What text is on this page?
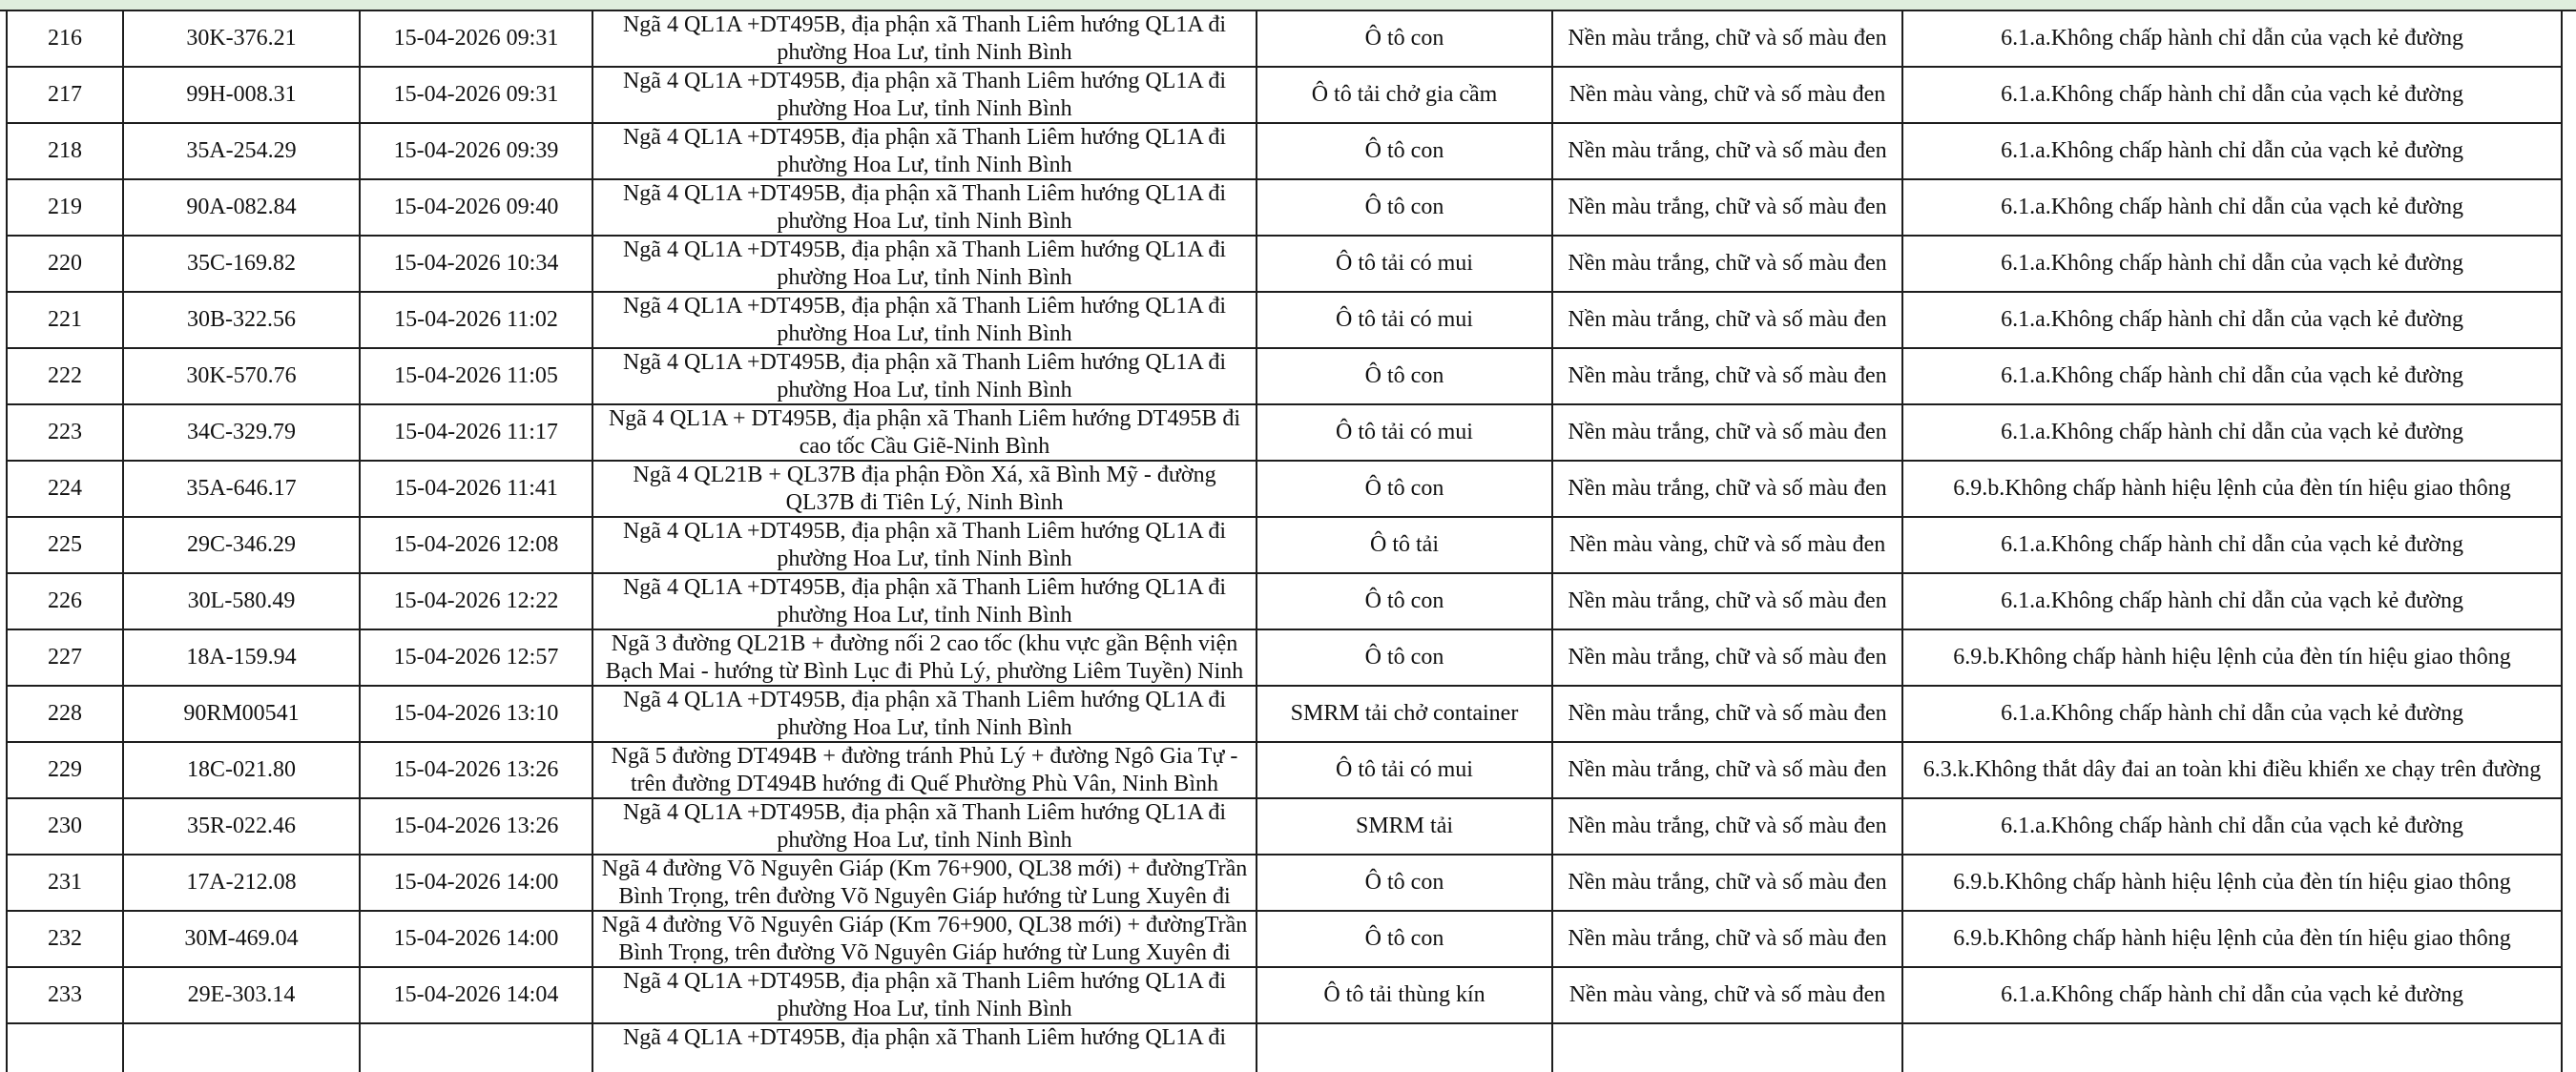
216	30K-376.21	15-04-2026 09:31	Ngã 4 QL1A +DT495B, địa phận xã Thanh Liêm hướng QL1A đi phường Hoa Lư, tỉnh Ninh Bình	Ô tô con	Nền màu trắng, chữ và số màu đen	6.1.a.Không chấp hành chỉ dẫn của vạch kẻ đường
217	99H-008.31	15-04-2026 09:31	Ngã 4 QL1A +DT495B, địa phận xã Thanh Liêm hướng QL1A đi phường Hoa Lư, tỉnh Ninh Bình	Ô tô tải chở gia cầm	Nền màu vàng, chữ và số màu đen	6.1.a.Không chấp hành chỉ dẫn của vạch kẻ đường
218	35A-254.29	15-04-2026 09:39	Ngã 4 QL1A +DT495B, địa phận xã Thanh Liêm hướng QL1A đi phường Hoa Lư, tỉnh Ninh Bình	Ô tô con	Nền màu trắng, chữ và số màu đen	6.1.a.Không chấp hành chỉ dẫn của vạch kẻ đường
219	90A-082.84	15-04-2026 09:40	Ngã 4 QL1A +DT495B, địa phận xã Thanh Liêm hướng QL1A đi phường Hoa Lư, tỉnh Ninh Bình	Ô tô con	Nền màu trắng, chữ và số màu đen	6.1.a.Không chấp hành chỉ dẫn của vạch kẻ đường
220	35C-169.82	15-04-2026 10:34	Ngã 4 QL1A +DT495B, địa phận xã Thanh Liêm hướng QL1A đi phường Hoa Lư, tỉnh Ninh Bình	Ô tô tải có mui	Nền màu trắng, chữ và số màu đen	6.1.a.Không chấp hành chỉ dẫn của vạch kẻ đường
221	30B-322.56	15-04-2026 11:02	Ngã 4 QL1A +DT495B, địa phận xã Thanh Liêm hướng QL1A đi phường Hoa Lư, tỉnh Ninh Bình	Ô tô tải có mui	Nền màu trắng, chữ và số màu đen	6.1.a.Không chấp hành chỉ dẫn của vạch kẻ đường
222	30K-570.76	15-04-2026 11:05	Ngã 4 QL1A +DT495B, địa phận xã Thanh Liêm hướng QL1A đi phường Hoa Lư, tỉnh Ninh Bình	Ô tô con	Nền màu trắng, chữ và số màu đen	6.1.a.Không chấp hành chỉ dẫn của vạch kẻ đường
223	34C-329.79	15-04-2026 11:17	Ngã 4 QL1A + DT495B, địa phận xã Thanh Liêm hướng DT495B đi cao tốc Cầu Giẽ-Ninh Bình	Ô tô tải có mui	Nền màu trắng, chữ và số màu đen	6.1.a.Không chấp hành chỉ dẫn của vạch kẻ đường
224	35A-646.17	15-04-2026 11:41	Ngã 4 QL21B + QL37B địa phận Đồn Xá, xã Bình Mỹ - đường QL37B đi Tiên Lý, Ninh Bình	Ô tô con	Nền màu trắng, chữ và số màu đen	6.9.b.Không chấp hành hiệu lệnh của đèn tín hiệu giao thông
225	29C-346.29	15-04-2026 12:08	Ngã 4 QL1A +DT495B, địa phận xã Thanh Liêm hướng QL1A đi phường Hoa Lư, tỉnh Ninh Bình	Ô tô tải	Nền màu vàng, chữ và số màu đen	6.1.a.Không chấp hành chỉ dẫn của vạch kẻ đường
226	30L-580.49	15-04-2026 12:22	Ngã 4 QL1A +DT495B, địa phận xã Thanh Liêm hướng QL1A đi phường Hoa Lư, tỉnh Ninh Bình	Ô tô con	Nền màu trắng, chữ và số màu đen	6.1.a.Không chấp hành chỉ dẫn của vạch kẻ đường
227	18A-159.94	15-04-2026 12:57	Ngã 3 đường QL21B + đường nối 2 cao tốc (khu vực gần Bệnh viện Bạch Mai - hướng từ Bình Lục đi Phủ Lý, phường Liêm Tuyền) Ninh	Ô tô con	Nền màu trắng, chữ và số màu đen	6.9.b.Không chấp hành hiệu lệnh của đèn tín hiệu giao thông
228	90RM00541	15-04-2026 13:10	Ngã 4 QL1A +DT495B, địa phận xã Thanh Liêm hướng QL1A đi phường Hoa Lư, tỉnh Ninh Bình	SMRM tải chở container	Nền màu trắng, chữ và số màu đen	6.1.a.Không chấp hành chỉ dẫn của vạch kẻ đường
229	18C-021.80	15-04-2026 13:26	Ngã 5 đường DT494B + đường tránh Phủ Lý + đường Ngô Gia Tự - trên đường DT494B hướng đi Quế Phường Phù Vân, Ninh Bình	Ô tô tải có mui	Nền màu trắng, chữ và số màu đen	6.3.k.Không thắt dây đai an toàn khi điều khiển xe chạy trên đường
230	35R-022.46	15-04-2026 13:26	Ngã 4 QL1A +DT495B, địa phận xã Thanh Liêm hướng QL1A đi phường Hoa Lư, tỉnh Ninh Bình	SMRM tải	Nền màu trắng, chữ và số màu đen	6.1.a.Không chấp hành chỉ dẫn của vạch kẻ đường
231	17A-212.08	15-04-2026 14:00	Ngã 4 đường Võ Nguyên Giáp (Km 76+900, QL38 mới) + đườngTrần Bình Trọng, trên đường Võ Nguyên Giáp hướng từ Lung Xuyên đi	Ô tô con	Nền màu trắng, chữ và số màu đen	6.9.b.Không chấp hành hiệu lệnh của đèn tín hiệu giao thông
232	30M-469.04	15-04-2026 14:00	Ngã 4 đường Võ Nguyên Giáp (Km 76+900, QL38 mới) + đườngTrần Bình Trọng, trên đường Võ Nguyên Giáp hướng từ Lung Xuyên đi	Ô tô con	Nền màu trắng, chữ và số màu đen	6.9.b.Không chấp hành hiệu lệnh của đèn tín hiệu giao thông
233	29E-303.14	15-04-2026 14:04	Ngã 4 QL1A +DT495B, địa phận xã Thanh Liêm hướng QL1A đi phường Hoa Lư, tỉnh Ninh Bình	Ô tô tải thùng kín	Nền màu vàng, chữ và số màu đen	6.1.a.Không chấp hành chỉ dẫn của vạch kẻ đường

			Ngã 4 QL1A +DT495B, địa phận xã Thanh Liêm hướng QL1A đi			
